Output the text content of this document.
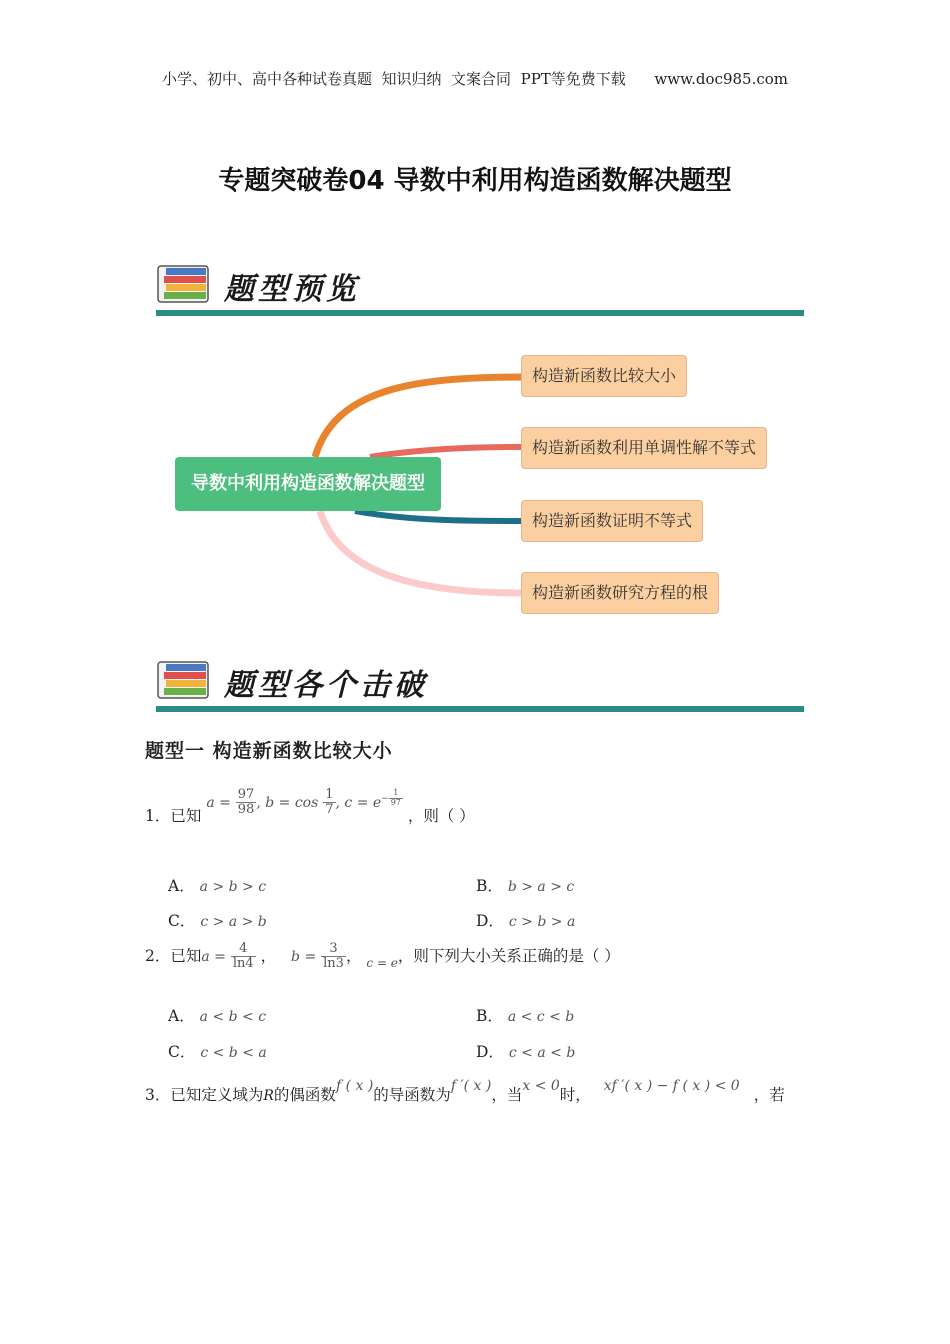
小学、初中、高中各种试卷真题  知识归纳  文案合同  PPT等免费下载 www.doc985.com
专题突破卷04 导数中利用构造函数解决题型
题型预览
导数中利用构造函数解决题型
构造新函数比较大小
构造新函数利用单调性解不等式
构造新函数证明不等式
构造新函数研究方程的根
题型各个击破
题型一 构造新函数比较大小
1．已知 $a = \frac{97}{98}$ , $b = \cos \frac{1}{7}$ , $c = e^{- \frac{1}{97}}$
，则（ ）
A． a > b > c	B． b > a > c
C． c > a > b	D． c > b > a
2．已知$a = \frac{4}{\ln 4}$ ， $b = \frac{3}{\ln 3}$ ， $_{c = e}$，则下列大小关系正确的是（ ）
A． a < b < c	B． a < c < b
C． c < b < a	D． c < a < b
3．已知定义域为R的偶函数f ( x )的导函数为f ′( x )，当x < 0时， xf ′( x ) − f ( x ) < 0 ，若
